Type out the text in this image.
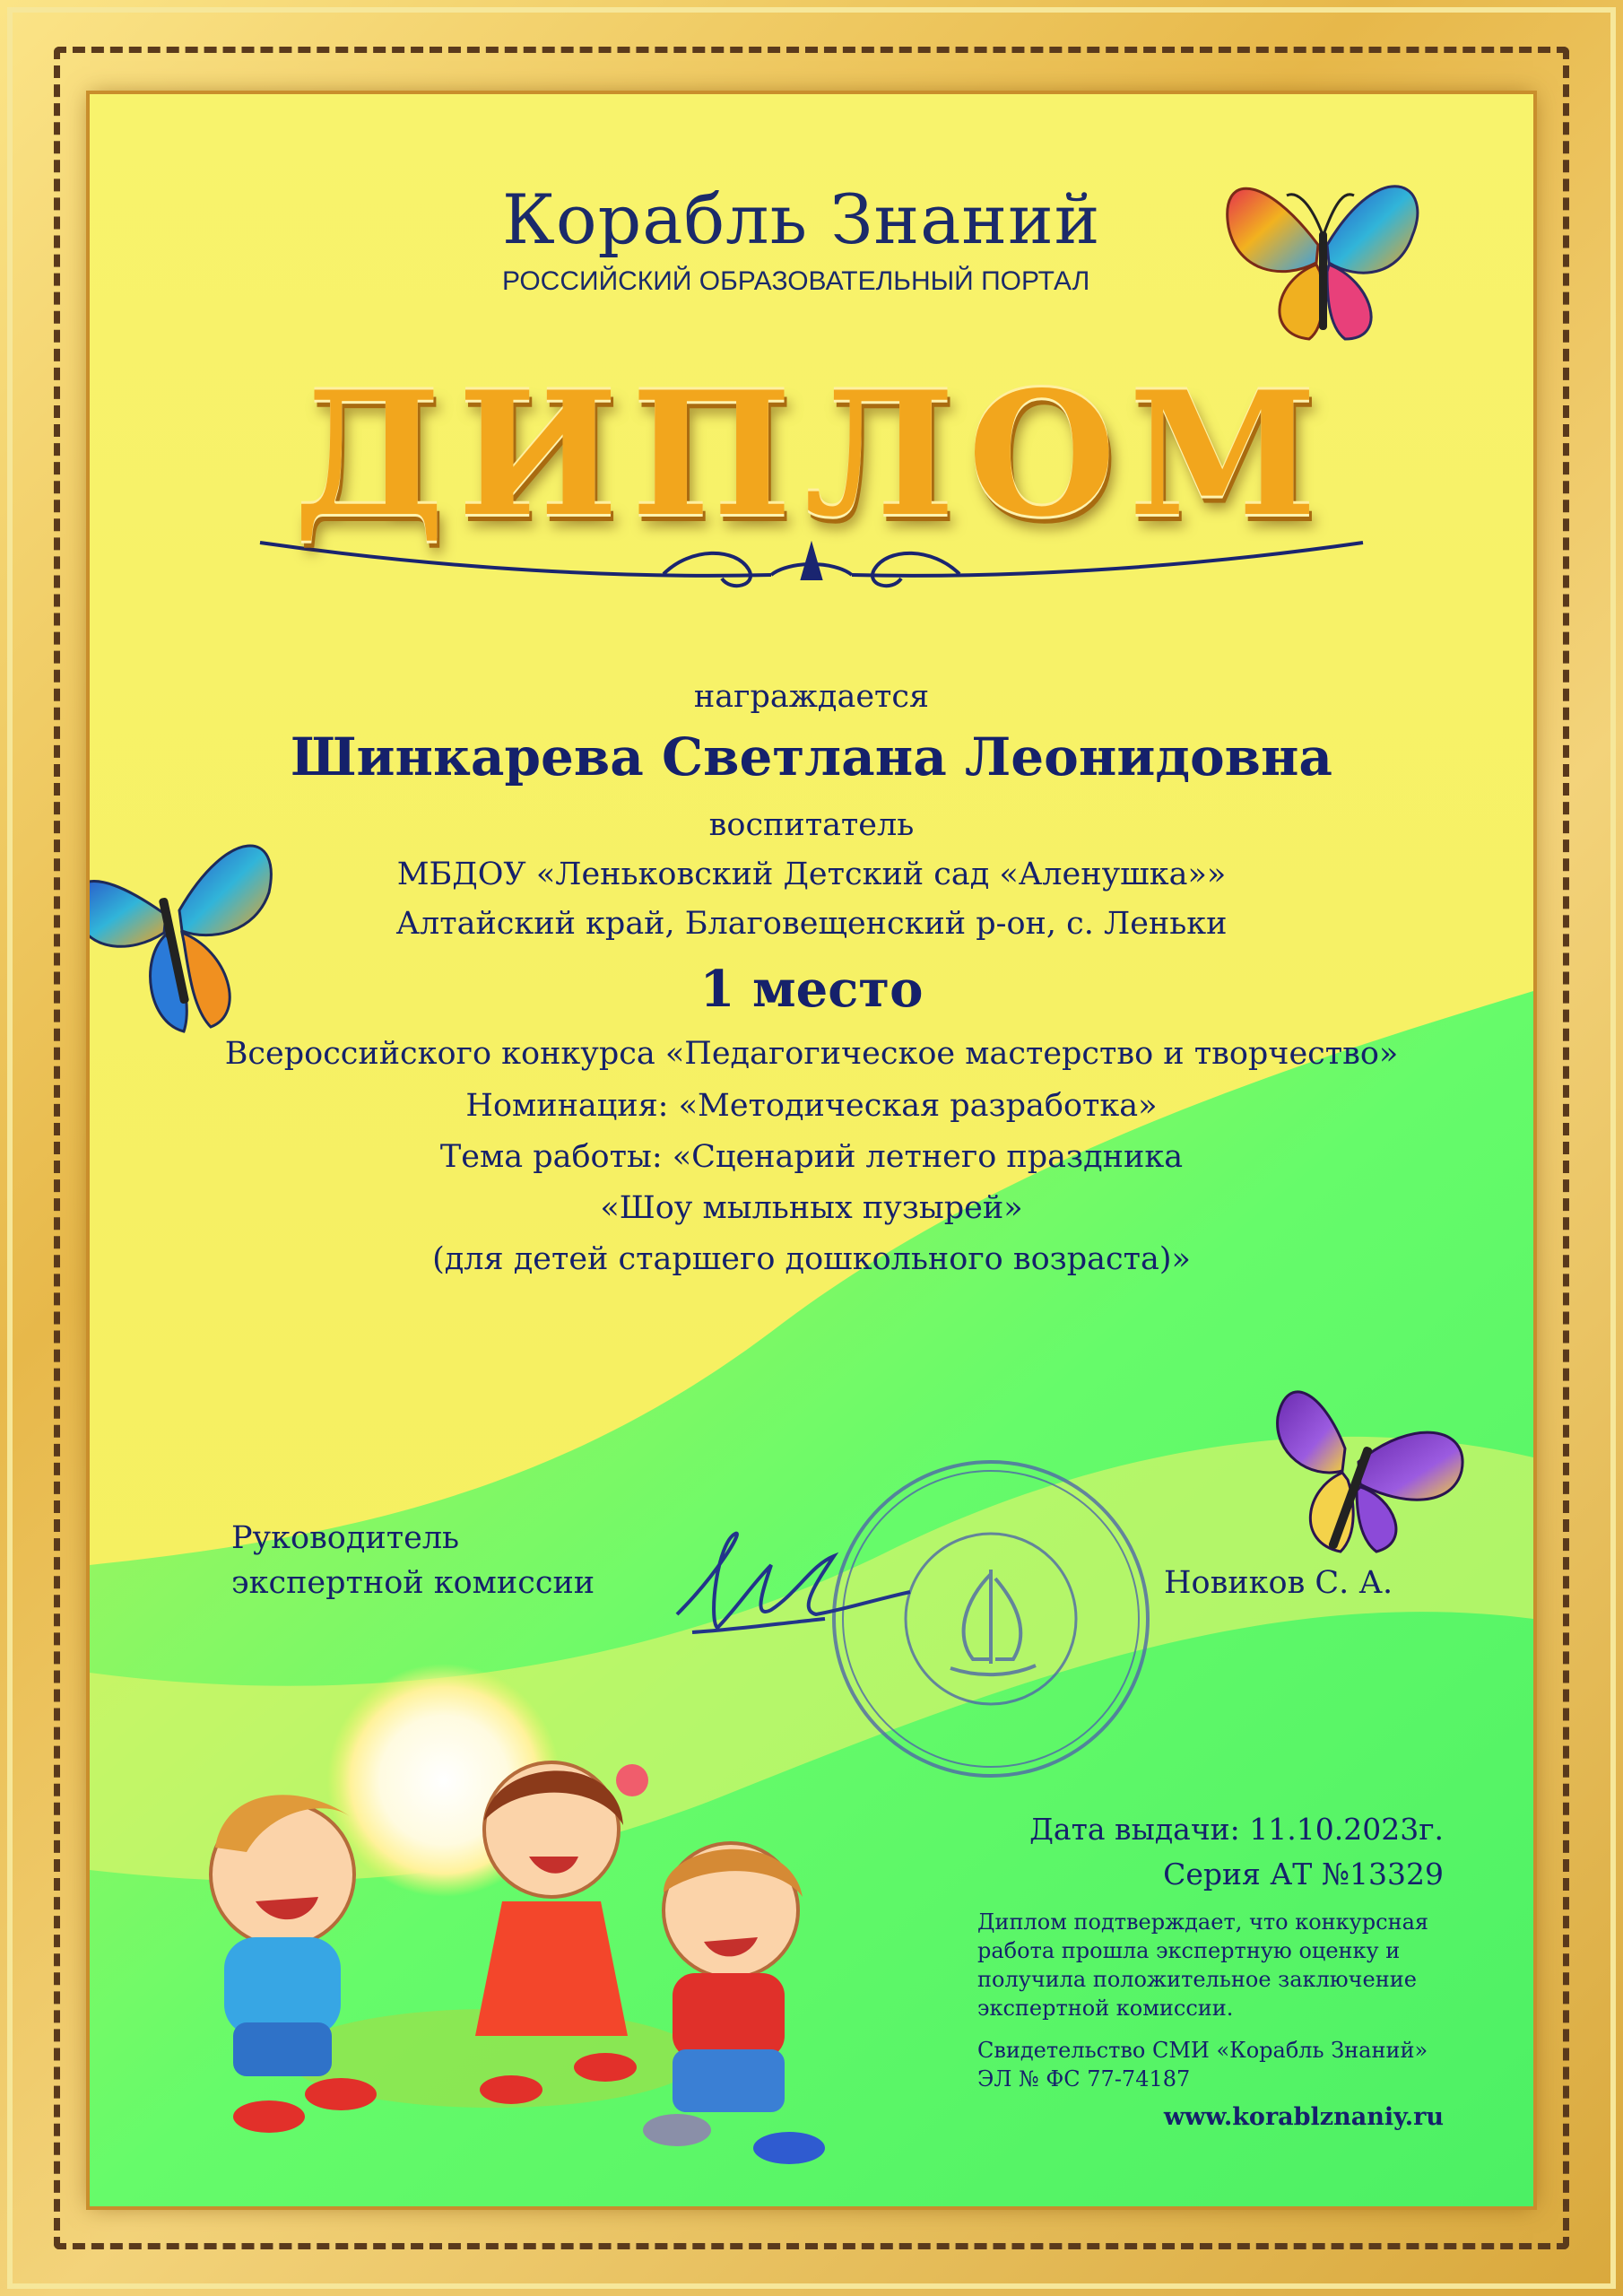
Корабль Знаний
РОССИЙСКИЙ ОБРАЗОВАТЕЛЬНЫЙ ПОРТАЛ
ДИПЛОМ
награждается
Шинкарева Светлана Леонидовна
воспитатель
МБДОУ «Леньковский Детский сад «Аленушка»»
Алтайский край, Благовещенский р-он, с. Леньки
1 место
Всероссийского конкурса «Педагогическое мастерство и творчество»
Номинация: «Методическая разработка»
Тема работы: «Сценарий летнего праздника
«Шоу мыльных пузырей»
(для детей старшего дошкольного возраста)»
Руководитель
экспертной комиссии	Новиков С. А.
Дата выдачи: 11.10.2023г.
Серия АТ №13329
Диплом подтверждает, что конкурсная
работа прошла экспертную оценку и
получила положительное заключение
экспертной комиссии.
Свидетельство СМИ «Корабль Знаний»
ЭЛ № ФС 77-74187
www.korablznaniy.ru
